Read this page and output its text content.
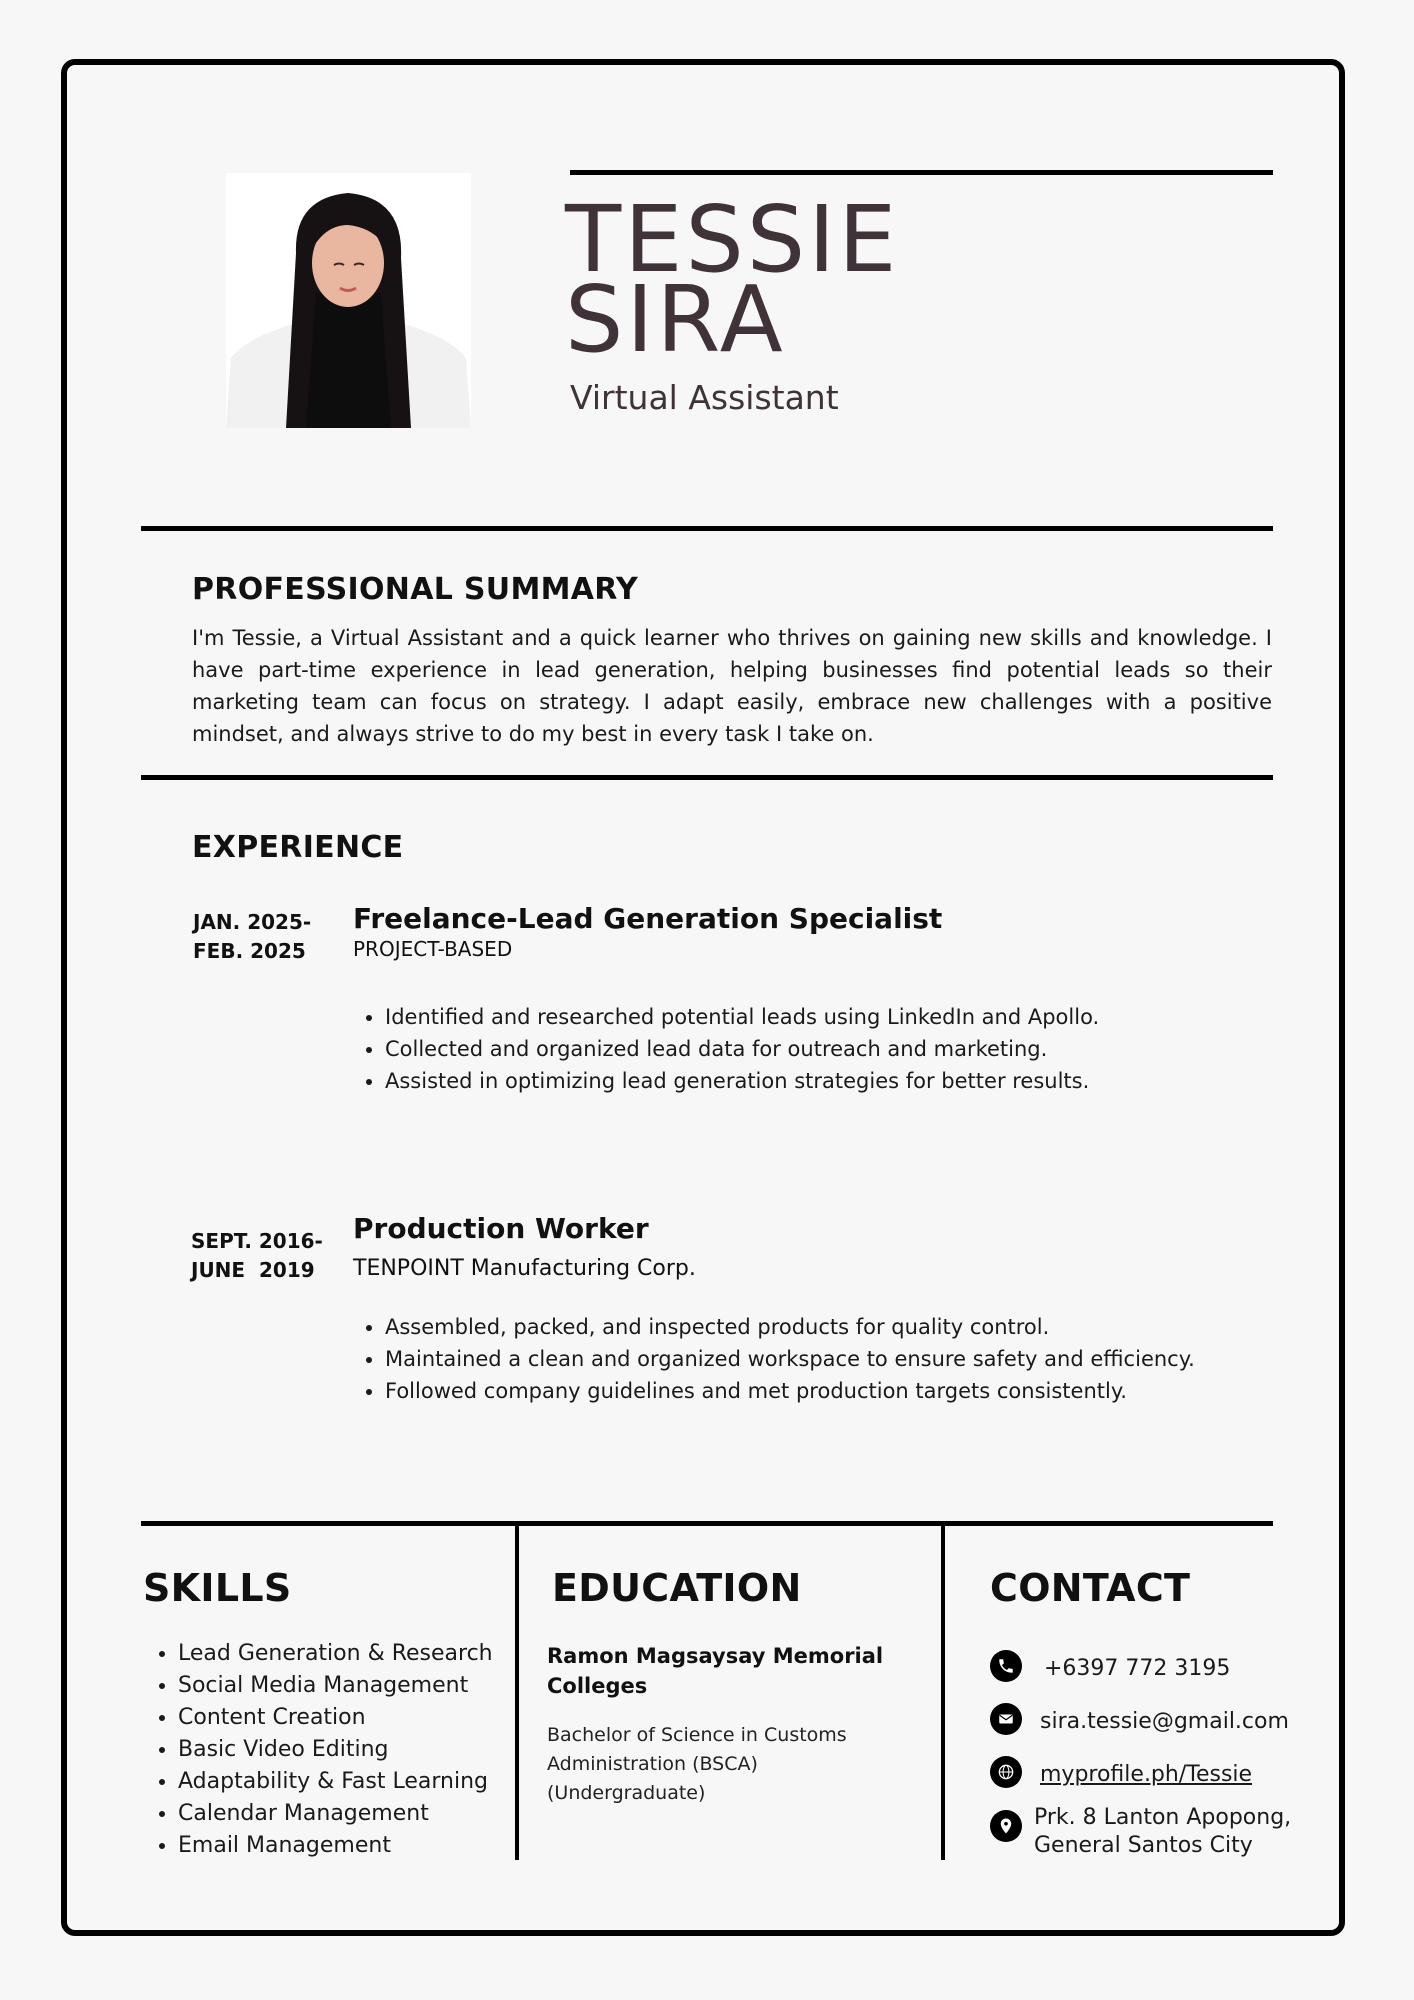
TESSIE
SIRA
Virtual Assistant
PROFESSIONAL SUMMARY
I'm Tessie, a Virtual Assistant and a quick learner who thrives on gaining new skills and knowledge. I have part-time experience in lead generation, helping businesses find potential leads so their marketing team can focus on strategy. I adapt easily, embrace new challenges with a positive mindset, and always strive to do my best in every task I take on.
EXPERIENCE
JAN. 2025-
FEB. 2025
Freelance-Lead Generation Specialist
PROJECT-BASED
• Identified and researched potential leads using LinkedIn and Apollo.
• Collected and organized lead data for outreach and marketing.
• Assisted in optimizing lead generation strategies for better results.
SEPT. 2016-
JUNE  2019
Production Worker
TENPOINT Manufacturing Corp.
• Assembled, packed, and inspected products for quality control.
• Maintained a clean and organized workspace to ensure safety and efficiency.
• Followed company guidelines and met production targets consistently.
SKILLS
• Lead Generation & Research
• Social Media Management
• Content Creation
• Basic Video Editing
• Adaptability & Fast Learning
• Calendar Management
• Email Management
EDUCATION
Ramon Magsaysay Memorial Colleges
Bachelor of Science in Customs Administration (BSCA) (Undergraduate)
CONTACT
+6397 772 3195
sira.tessie@gmail.com
myprofile.ph/Tessie
Prk. 8 Lanton Apopong,
General Santos City
